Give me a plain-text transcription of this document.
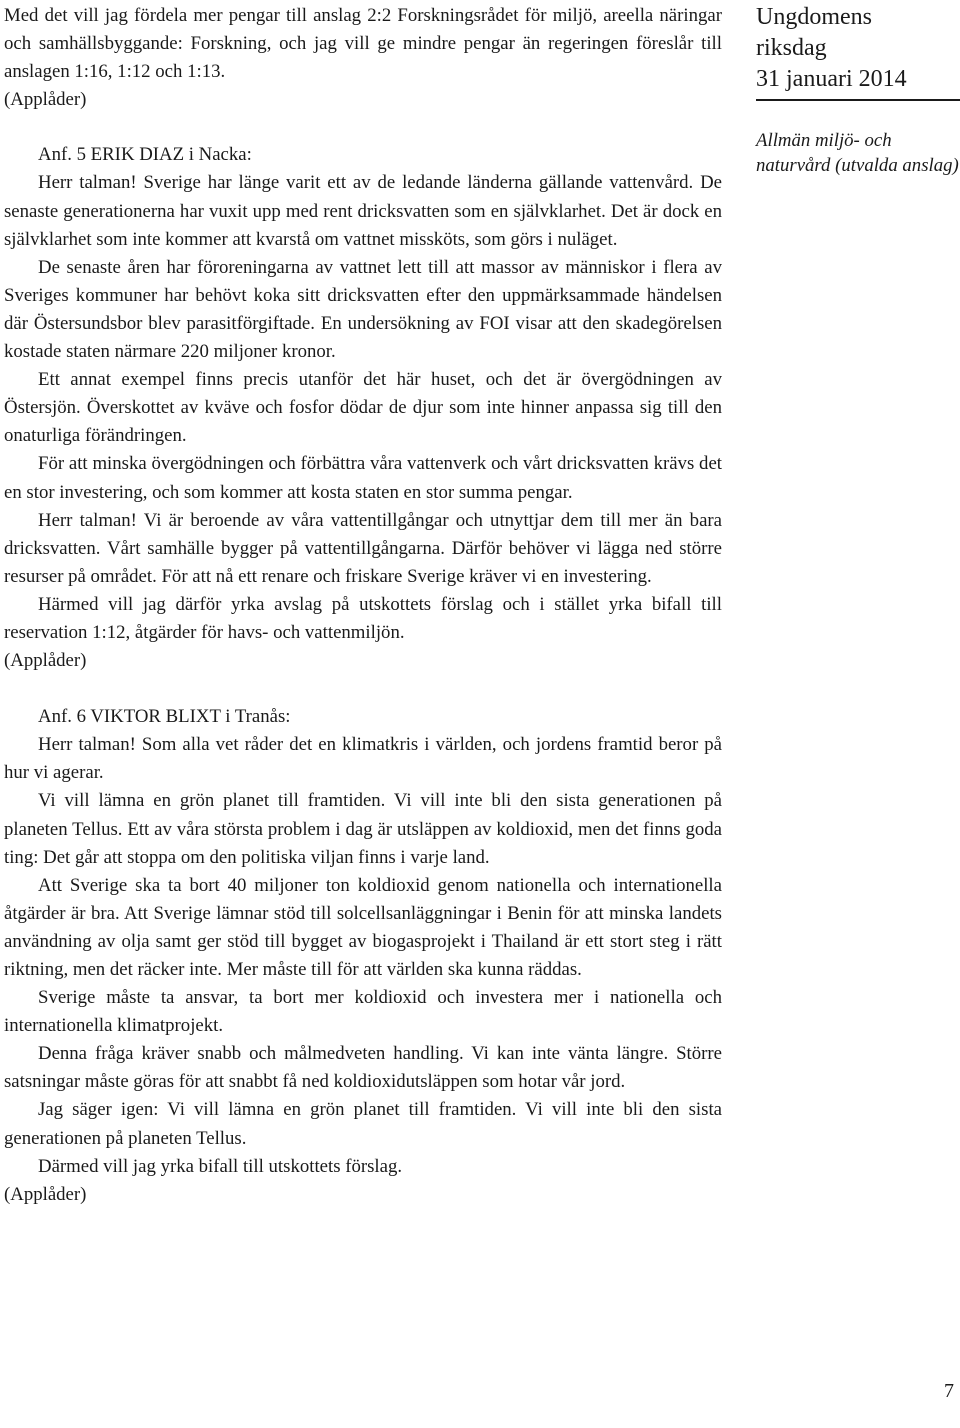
Med det vill jag fördela mer pengar till anslag 2:2 Forskningsrådet för miljö, areella näringar och samhällsbyggande: Forskning, och jag vill ge mindre pengar än regeringen föreslår till anslagen 1:16, 1:12 och 1:13.

(Applåder)

Anf. 5 ERIK DIAZ i Nacka:

Herr talman! Sverige har länge varit ett av de ledande länderna gällande vattenvård. De senaste generationerna har vuxit upp med rent dricksvatten som en självklarhet. Det är dock en självklarhet som inte kommer att kvarstå om vattnet missköts, som görs i nuläget.

De senaste åren har föroreningarna av vattnet lett till att massor av människor i flera av Sveriges kommuner har behövt koka sitt dricksvatten efter den uppmärksammade händelsen där Östersundsbor blev parasitförgiftade. En undersökning av FOI visar att den skadegörelsen kostade staten närmare 220 miljoner kronor.

Ett annat exempel finns precis utanför det här huset, och det är övergödningen av Östersjön. Överskottet av kväve och fosfor dödar de djur som inte hinner anpassa sig till den onaturliga förändringen.

För att minska övergödningen och förbättra våra vattenverk och vårt dricksvatten krävs det en stor investering, och som kommer att kosta staten en stor summa pengar.

Herr talman! Vi är beroende av våra vattentillgångar och utnyttjar dem till mer än bara dricksvatten. Vårt samhälle bygger på vattentillgångarna. Därför behöver vi lägga ned större resurser på området. För att nå ett renare och friskare Sverige kräver vi en investering.

Härmed vill jag därför yrka avslag på utskottets förslag och i stället yrka bifall till reservation 1:12, åtgärder för havs- och vattenmiljön.

(Applåder)

Anf. 6 VIKTOR BLIXT i Tranås:

Herr talman! Som alla vet råder det en klimatkris i världen, och jordens framtid beror på hur vi agerar.

Vi vill lämna en grön planet till framtiden. Vi vill inte bli den sista generationen på planeten Tellus. Ett av våra största problem i dag är utsläppen av koldioxid, men det finns goda ting: Det går att stoppa om den politiska viljan finns i varje land.

Att Sverige ska ta bort 40 miljoner ton koldioxid genom nationella och internationella åtgärder är bra. Att Sverige lämnar stöd till solcellsanläggningar i Benin för att minska landets användning av olja samt ger stöd till bygget av biogasprojekt i Thailand är ett stort steg i rätt riktning, men det räcker inte. Mer måste till för att världen ska kunna räddas.

Sverige måste ta ansvar, ta bort mer koldioxid och investera mer i nationella och internationella klimatprojekt.

Denna fråga kräver snabb och målmedveten handling. Vi kan inte vänta längre. Större satsningar måste göras för att snabbt få ned koldioxidutsläppen som hotar vår jord.

Jag säger igen: Vi vill lämna en grön planet till framtiden. Vi vill inte bli den sista generationen på planeten Tellus.

Därmed vill jag yrka bifall till utskottets förslag.

(Applåder)

Ungdomens
riksdag
31 januari 2014
Allmän miljö- och naturvård (utvalda anslag)
7
